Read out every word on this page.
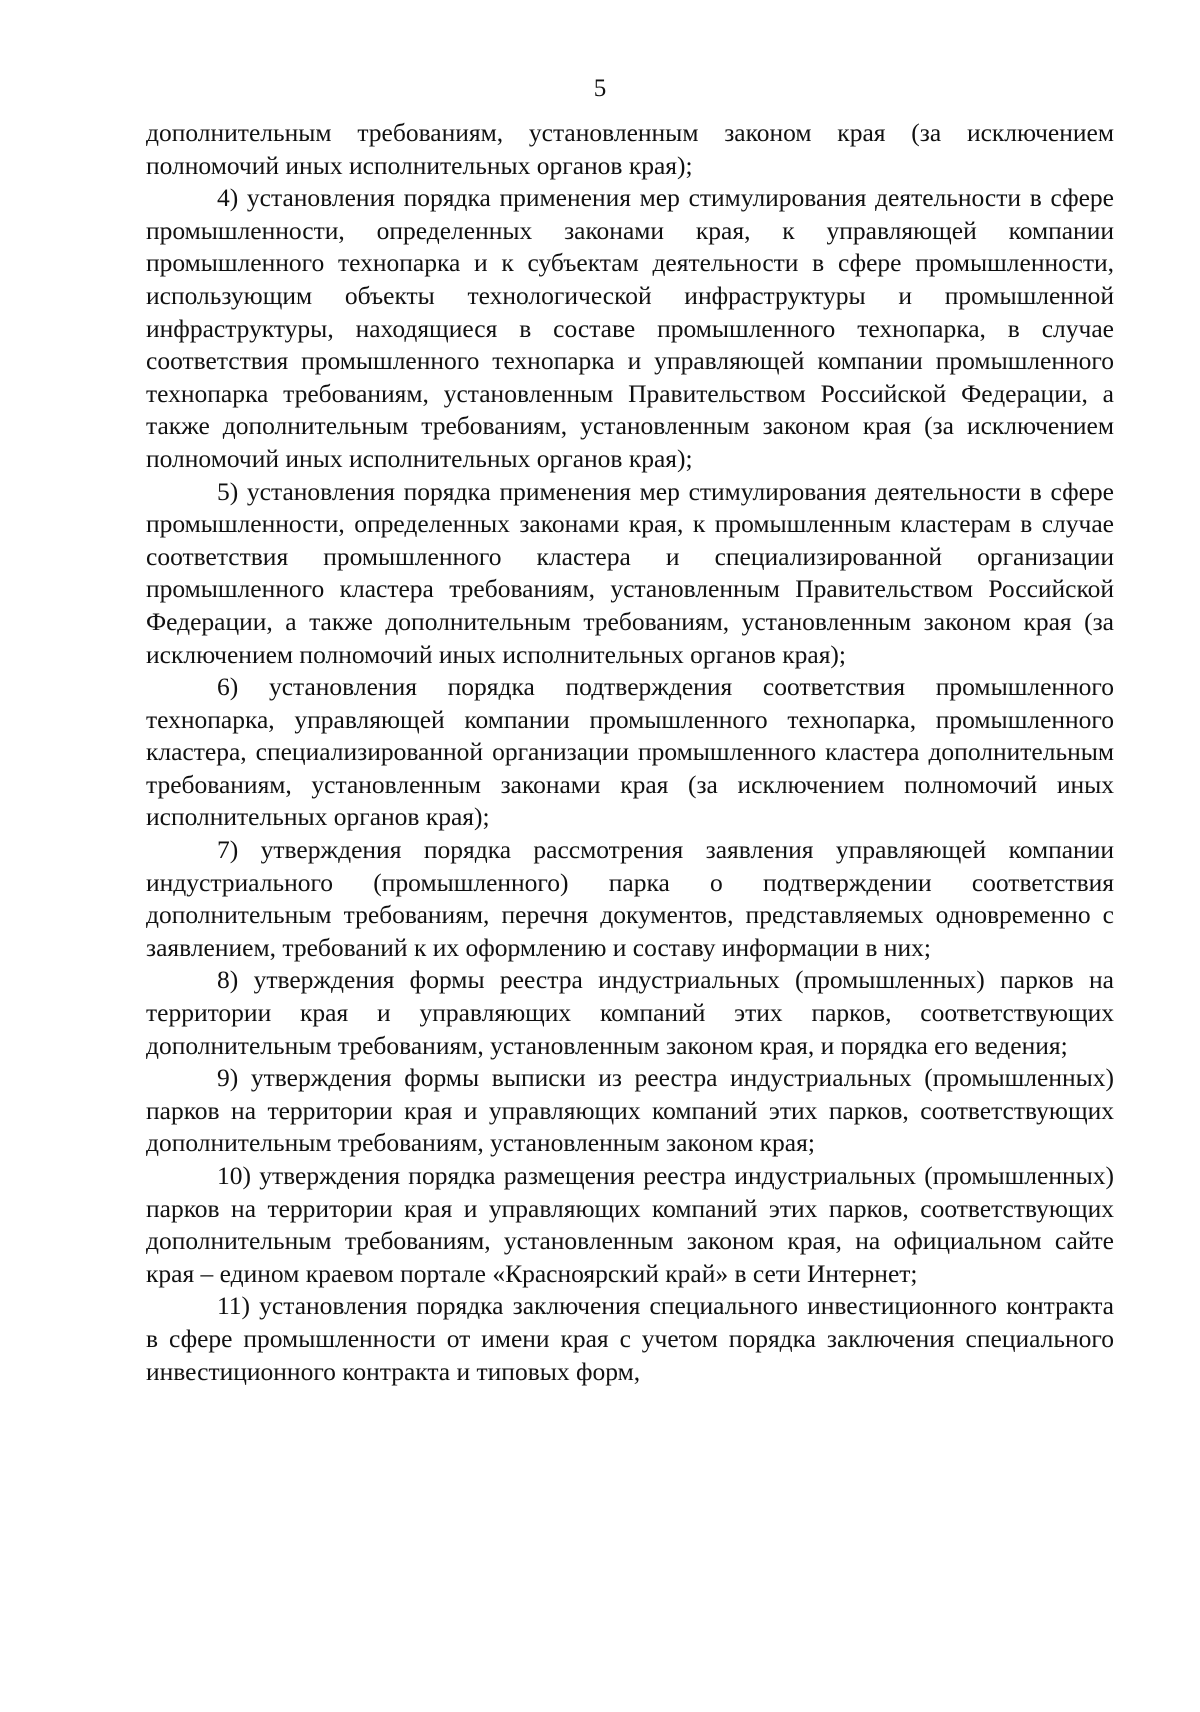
5

дополнительным требованиям, установленным законом края (за исключением полномочий иных исполнительных органов края);

4) установления порядка применения мер стимулирования деятельности в сфере промышленности, определенных законами края, к управляющей компании промышленного технопарка и к субъектам деятельности в сфере промышленности, использующим объекты технологической инфраструктуры и промышленной инфраструктуры, находящиеся в составе промышленного технопарка, в случае соответствия промышленного технопарка и управляющей компании промышленного технопарка требованиям, установленным Правительством Российской Федерации, а также дополнительным требованиям, установленным законом края (за исключением полномочий иных исполнительных органов края);

5) установления порядка применения мер стимулирования деятельности в сфере промышленности, определенных законами края, к промышленным кластерам в случае соответствия промышленного кластера и специализированной организации промышленного кластера требованиям, установленным Правительством Российской Федерации, а также дополнительным требованиям, установленным законом края (за исключением полномочий иных исполнительных органов края);

6) установления порядка подтверждения соответствия промышленного технопарка, управляющей компании промышленного технопарка, промышленного кластера, специализированной организации промышленного кластера дополнительным требованиям, установленным законами края (за исключением полномочий иных исполнительных органов края);

7) утверждения порядка рассмотрения заявления управляющей компании индустриального (промышленного) парка о подтверждении соответствия дополнительным требованиям, перечня документов, представляемых одновременно с заявлением, требований к их оформлению и составу информации в них;

8) утверждения формы реестра индустриальных (промышленных) парков на территории края и управляющих компаний этих парков, соответствующих дополнительным требованиям, установленным законом края, и порядка его ведения;

9) утверждения формы выписки из реестра индустриальных (промышленных) парков на территории края и управляющих компаний этих парков, соответствующих дополнительным требованиям, установленным законом края;

10) утверждения порядка размещения реестра индустриальных (промышленных) парков на территории края и управляющих компаний этих парков, соответствующих дополнительным требованиям, установленным законом края, на официальном сайте края – едином краевом портале «Красноярский край» в сети Интернет;

11) установления порядка заключения специального инвестиционного контракта в сфере промышленности от имени края с учетом порядка заключения специального инвестиционного контракта и типовых форм,
